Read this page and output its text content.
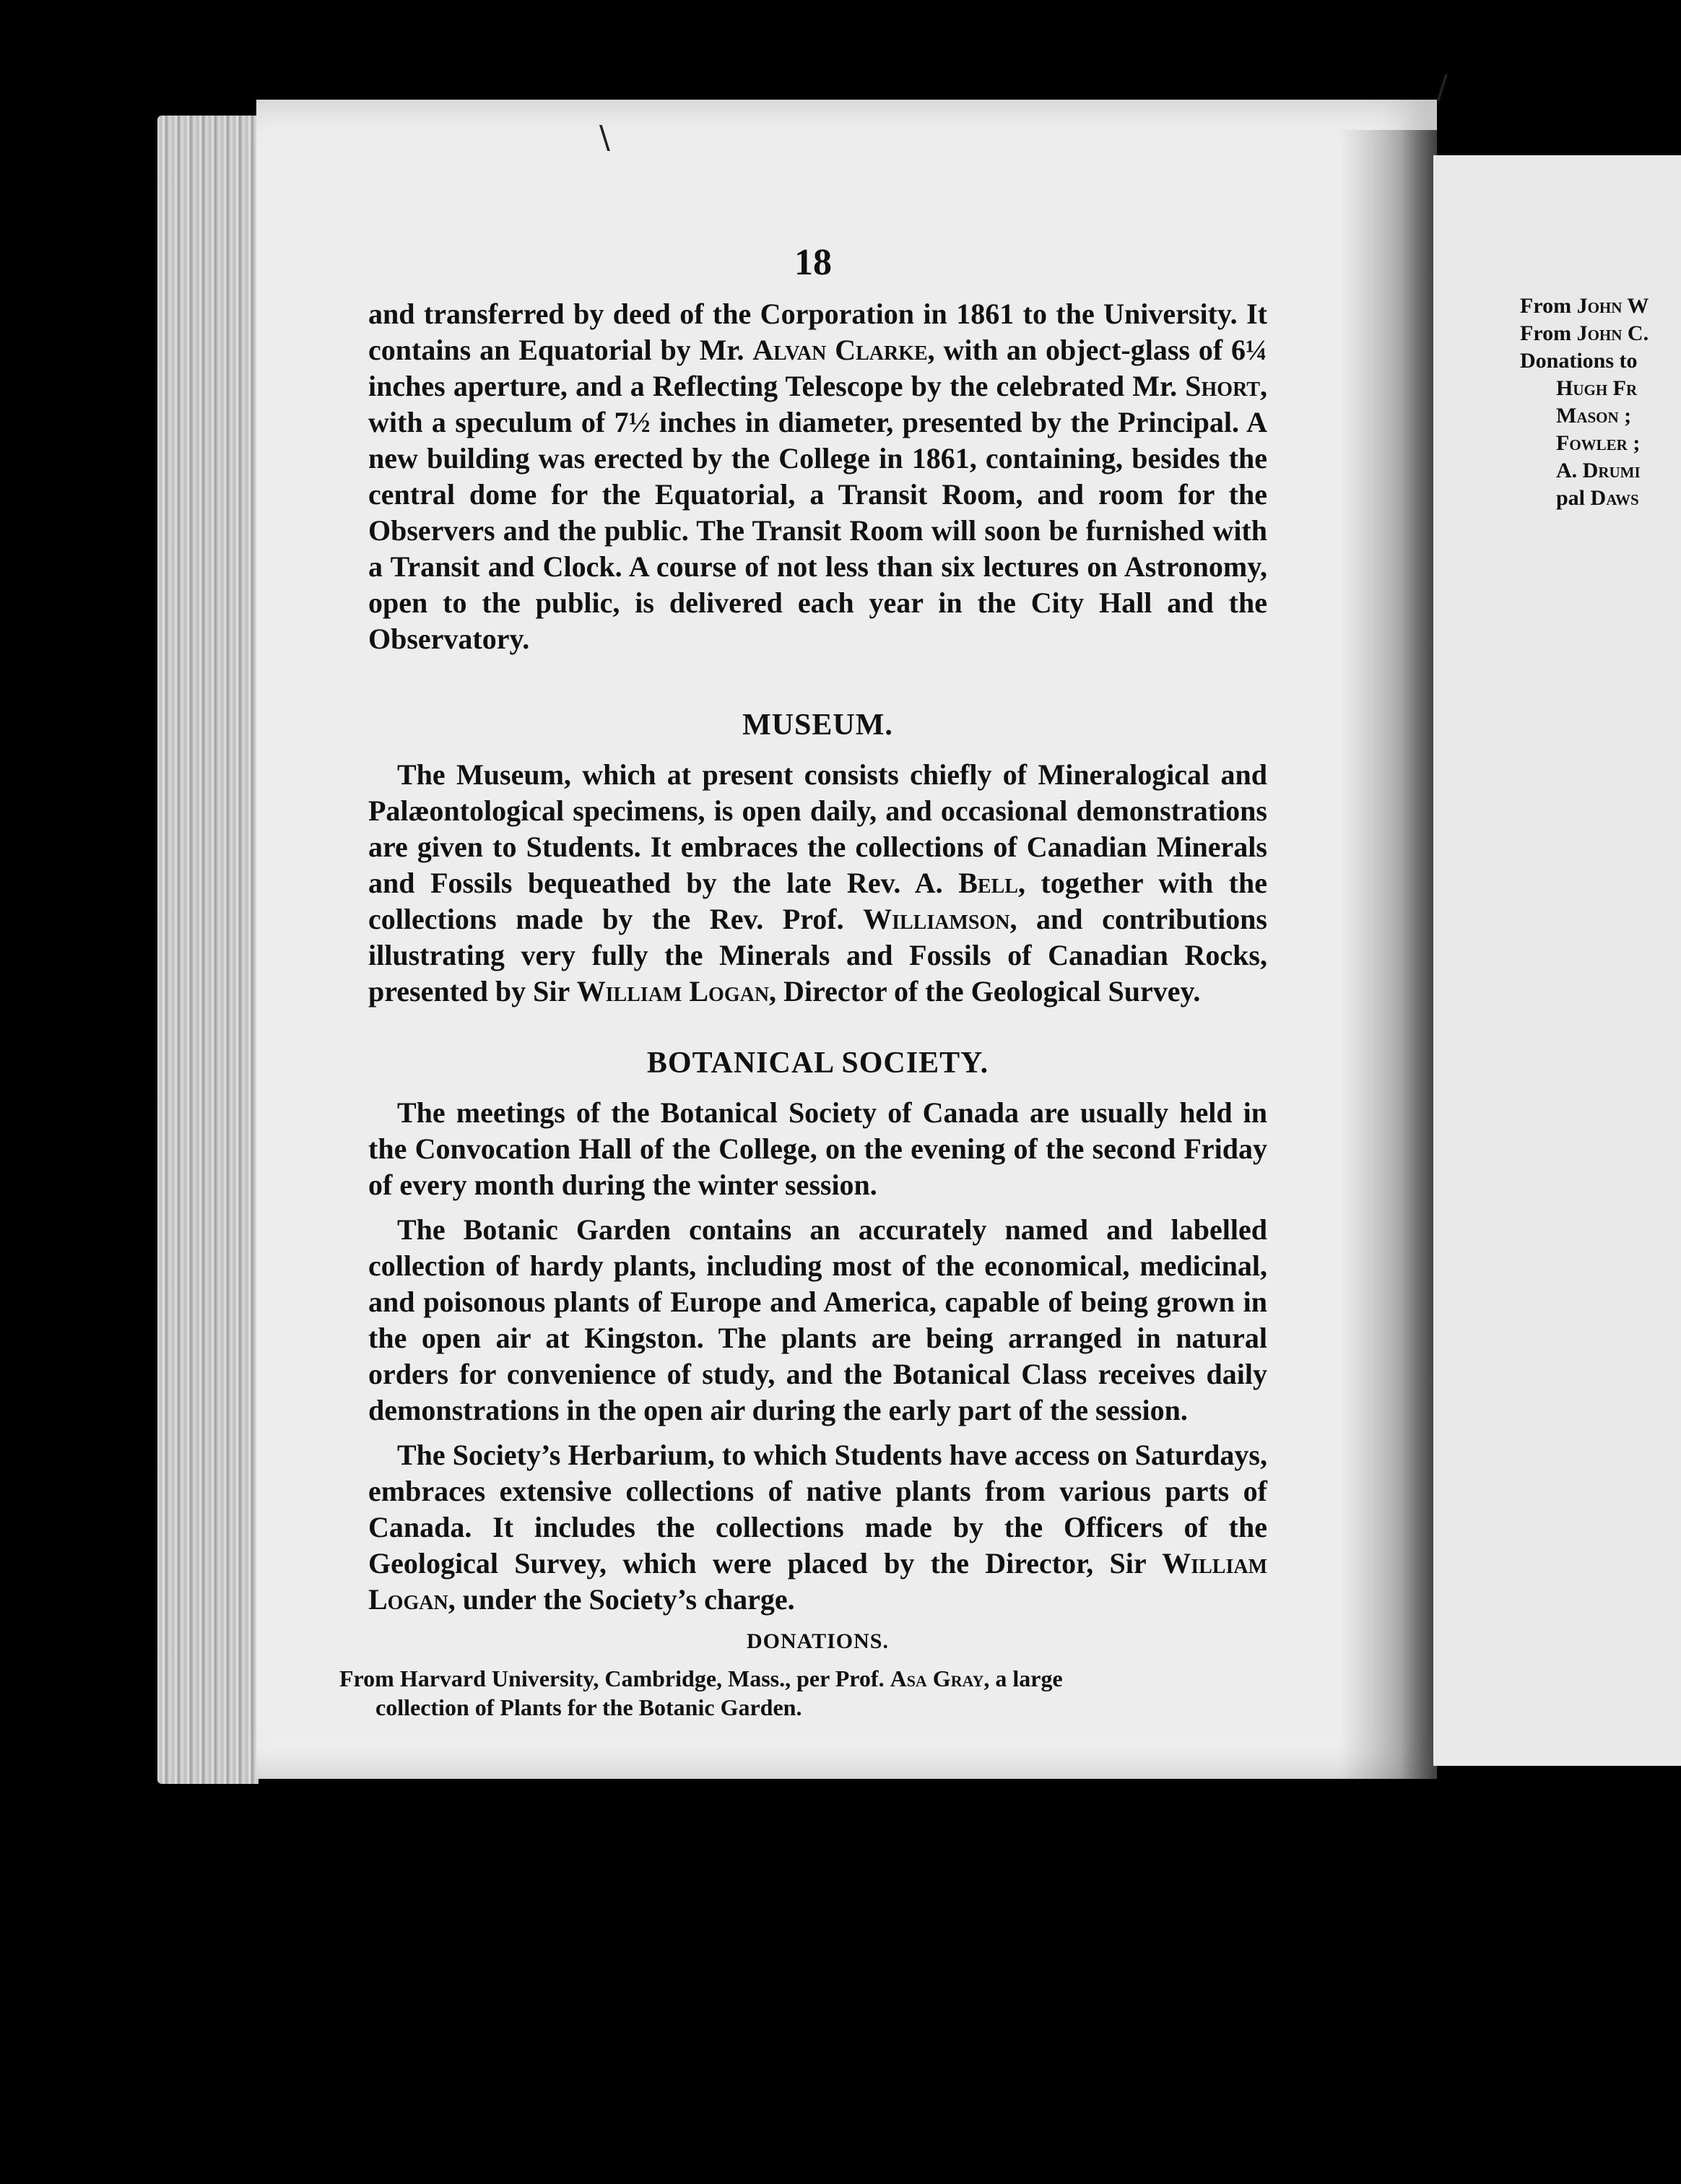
From John W
From John C.
Donations to
Hugh Fr
Mason ;
Fowler ;
A. Drumi
pal Daws
18

and transferred by deed of the Corporation in 1861 to the University. It contains an Equatorial by Mr. Alvan Clarke, with an object-glass of 6¼ inches aperture, and a Reflecting Telescope by the celebrated Mr. Short, with a speculum of 7½ inches in diameter, presented by the Principal. A new building was erected by the College in 1861, containing, besides the central dome for the Equatorial, a Transit Room, and room for the Observers and the public. The Transit Room will soon be furnished with a Transit and Clock. A course of not less than six lectures on Astronomy, open to the public, is delivered each year in the City Hall and the Observatory.

MUSEUM.

The Museum, which at present consists chiefly of Mineralogical and Palæontological specimens, is open daily, and occasional demonstrations are given to Students. It embraces the collections of Canadian Minerals and Fossils bequeathed by the late Rev. A. Bell, together with the collections made by the Rev. Prof. Williamson, and contributions illustrating very fully the Minerals and Fossils of Canadian Rocks, presented by Sir William Logan, Director of the Geological Survey.

BOTANICAL SOCIETY.

The meetings of the Botanical Society of Canada are usually held in the Convocation Hall of the College, on the evening of the second Friday of every month during the winter session.

The Botanic Garden contains an accurately named and labelled collection of hardy plants, including most of the economical, medicinal, and poisonous plants of Europe and America, capable of being grown in the open air at Kingston. The plants are being arranged in natural orders for convenience of study, and the Botanical Class receives daily demonstrations in the open air during the early part of the session.

The Society’s Herbarium, to which Students have access on Saturdays, embraces extensive collections of native plants from various parts of Canada. It includes the collections made by the Officers of the Geological Survey, which were placed by the Director, Sir William Logan, under the Society’s charge.

DONATIONS.

From Harvard University, Cambridge, Mass., per Prof. Asa Gray, a large
collection of Plants for the Botanic Garden.

/
\
